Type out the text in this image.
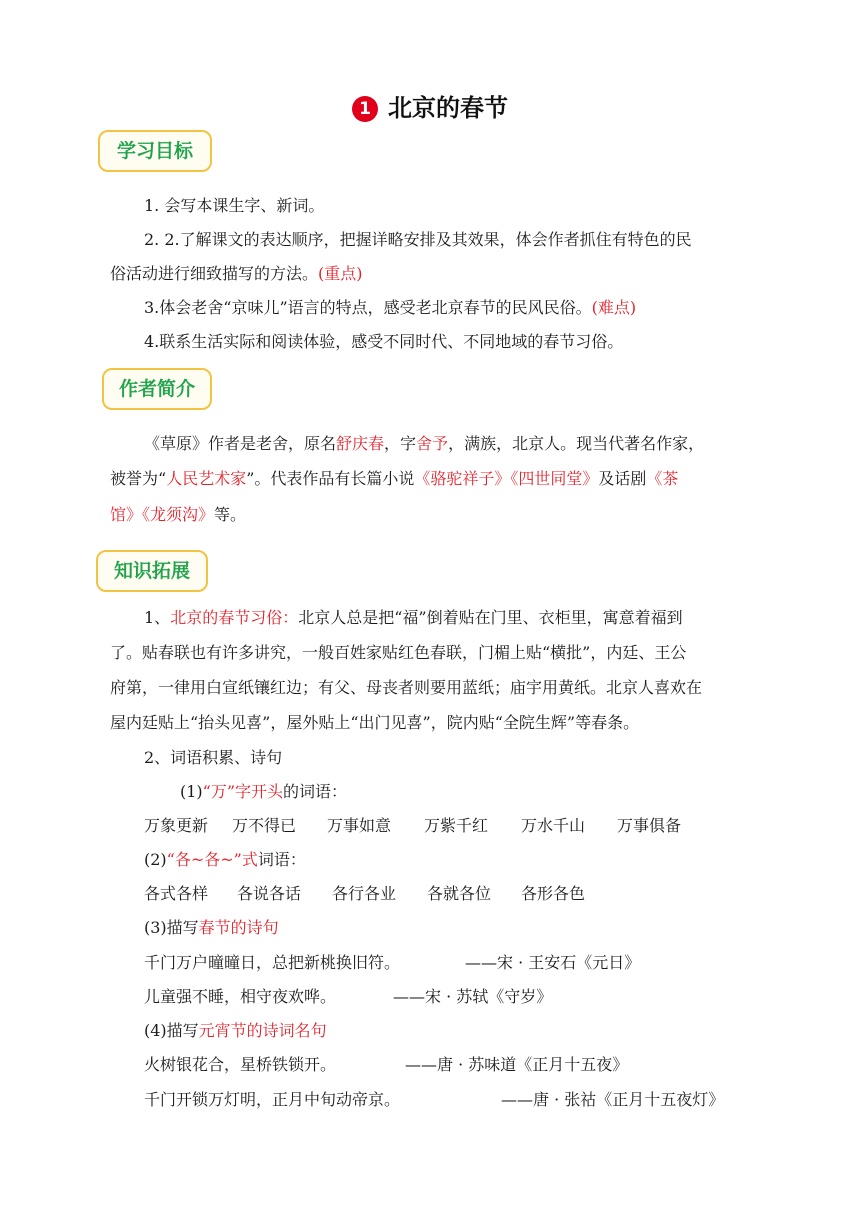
1 北京的春节
学习目标
1. 会写本课生字、新词。
2. 2.了解课文的表达顺序，把握详略安排及其效果，体会作者抓住有特色的民
俗活动进行细致描写的方法。(重点)
3.体会老舍“京味儿”语言的特点，感受老北京春节的民风民俗。(难点)
4.联系生活实际和阅读体验，感受不同时代、不同地域的春节习俗。
作者简介
《草原》作者是老舍，原名舒庆春，字舍予，满族，北京人。现当代著名作家，
被誉为“人民艺术家”。代表作品有长篇小说《骆驼祥子》《四世同堂》及话剧《茶
馆》《龙须沟》等。
知识拓展
1、北京的春节习俗：北京人总是把“福”倒着贴在门里、衣柜里，寓意着福到
了。贴春联也有许多讲究，一般百姓家贴红色春联，门楣上贴“横批”，内廷、王公
府第，一律用白宣纸镶红边；有父、母丧者则要用蓝纸；庙宇用黄纸。北京人喜欢在
屋内廷贴上“抬头见喜”，屋外贴上“出门见喜”，院内贴“全院生辉”等春条。
2、词语积累、诗句
(1)“万”字开头的词语：
万象更新 万不得已 万事如意 万紫千红 万水千山 万事俱备
(2)“各~各~”式词语：
各式各样 各说各话 各行各业 各就各位 各形各色
(3)描写春节的诗句
千门万户曈曈日，总把新桃换旧符。	——宋 · 王安石《元日》
儿童强不睡，相守夜欢哗。	——宋 · 苏轼《守岁》
(4)描写元宵节的诗词名句
火树银花合，星桥铁锁开。	——唐 · 苏味道《正月十五夜》
千门开锁万灯明，正月中旬动帝京。	——唐 · 张祜《正月十五夜灯》
